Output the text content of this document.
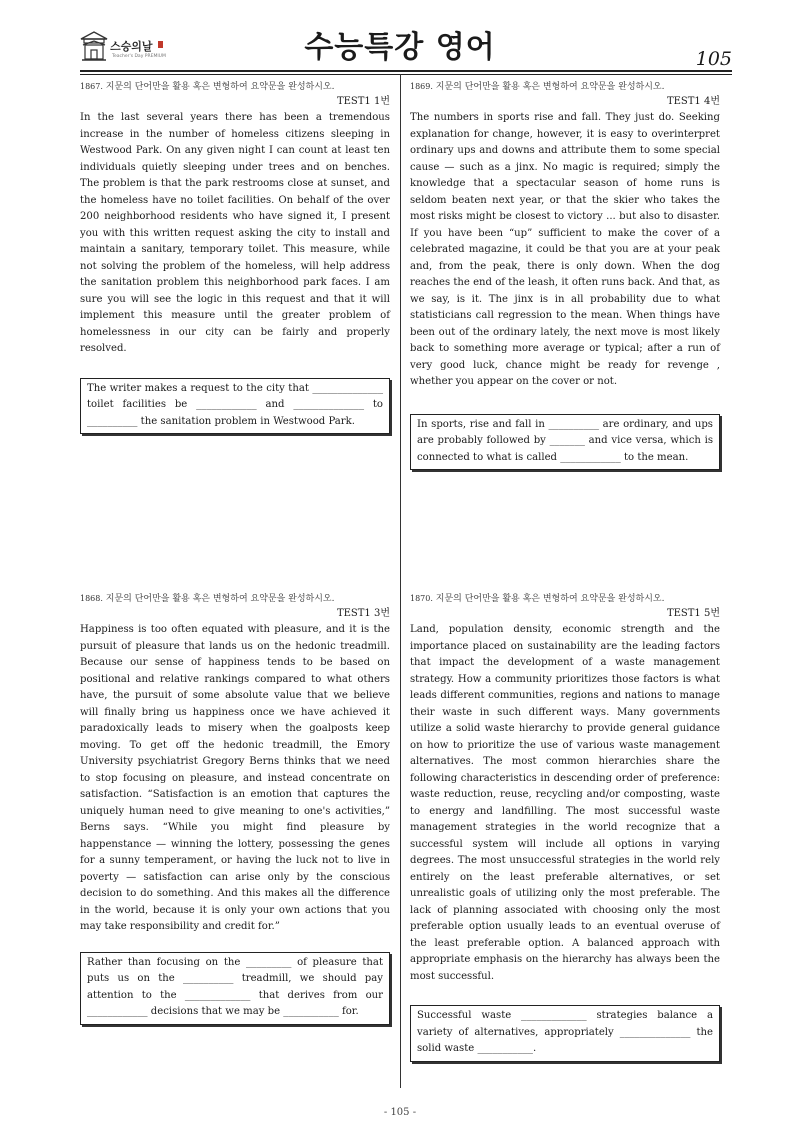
스승의날
Teacher's Day PREMIUM	수능특강 영어	105
1867. 지문의 단어만을 활용 혹은 변형하여 요약문을 완성하시오.
TEST1 1번

In the last several years there has been a tremendous increase in the number of homeless citizens sleeping in Westwood Park. On any given night I can count at least ten individuals quietly sleeping under trees and on benches. The problem is that the park restrooms close at sunset, and the homeless have no toilet facilities. On behalf of the over 200 neighborhood residents who have signed it, I present you with this written request asking the city to install and maintain a sanitary, temporary toilet. This measure, while not solving the problem of the homeless, will help address the sanitation problem this neighborhood park faces. I am sure you will see the logic in this request and that it will implement this measure until the greater problem of homelessness in our city can be fairly and properly resolved.

The writer makes a request to the city that ______________ toilet facilities be ____________ and ______________ to __________ the sanitation problem in Westwood Park.
1869. 지문의 단어만을 활용 혹은 변형하여 요약문을 완성하시오.
TEST1 4번

The numbers in sports rise and fall. They just do. Seeking explanation for change, however, it is easy to overinterpret ordinary ups and downs and attribute them to some special cause — such as a jinx. No magic is required; simply the knowledge that a spectacular season of home runs is seldom beaten next year, or that the skier who takes the most risks might be closest to victory ... but also to disaster. If you have been “up” sufficient to make the cover of a celebrated magazine, it could be that you are at your peak and, from the peak, there is only down. When the dog reaches the end of the leash, it often runs back. And that, as we say, is it. The jinx is in all probability due to what statisticians call regression to the mean. When things have been out of the ordinary lately, the next move is most likely back to something more average or typical; after a run of very good luck, chance might be ready for revenge , whether you appear on the cover or not.

In sports, rise and fall in __________ are ordinary, and ups are probably followed by _______ and vice versa, which is connected to what is called ____________ to the mean.
1868. 지문의 단어만을 활용 혹은 변형하여 요약문을 완성하시오.
TEST1 3번

Happiness is too often equated with pleasure, and it is the pursuit of pleasure that lands us on the hedonic treadmill. Because our sense of happiness tends to be based on positional and relative rankings compared to what others have, the pursuit of some absolute value that we believe will finally bring us happiness once we have achieved it paradoxically leads to misery when the goalposts keep moving. To get off the hedonic treadmill, the Emory University psychiatrist Gregory Berns thinks that we need to stop focusing on pleasure, and instead concentrate on satisfaction. “Satisfaction is an emotion that captures the uniquely human need to give meaning to one's activities,” Berns says. “While you might find pleasure by happenstance — winning the lottery, possessing the genes for a sunny temperament, or having the luck not to live in poverty — satisfaction can arise only by the conscious decision to do something. And this makes all the difference in the world, because it is only your own actions that you may take responsibility and credit for.”

Rather than focusing on the _________ of pleasure that puts us on the __________ treadmill, we should pay attention to the _____________ that derives from our ____________ decisions that we may be ___________ for.
1870. 지문의 단어만을 활용 혹은 변형하여 요약문을 완성하시오.
TEST1 5번

Land, population density, economic strength and the importance placed on sustainability are the leading factors that impact the development of a waste management strategy. How a community prioritizes those factors is what leads different communities, regions and nations to manage their waste in such different ways. Many governments utilize a solid waste hierarchy to provide general guidance on how to prioritize the use of various waste management alternatives. The most common hierarchies share the following characteristics in descending order of preference: waste reduction, reuse, recycling and/or composting, waste to energy and landfilling. The most successful waste management strategies in the world recognize that a successful system will include all options in varying degrees. The most unsuccessful strategies in the world rely entirely on the least preferable alternatives, or set unrealistic goals of utilizing only the most preferable. The lack of planning associated with choosing only the most preferable option usually leads to an eventual overuse of the least preferable option. A balanced approach with appropriate emphasis on the hierarchy has always been the most successful.

Successful waste _____________ strategies balance a variety of alternatives, appropriately ______________ the solid waste ___________.
- 105 -
